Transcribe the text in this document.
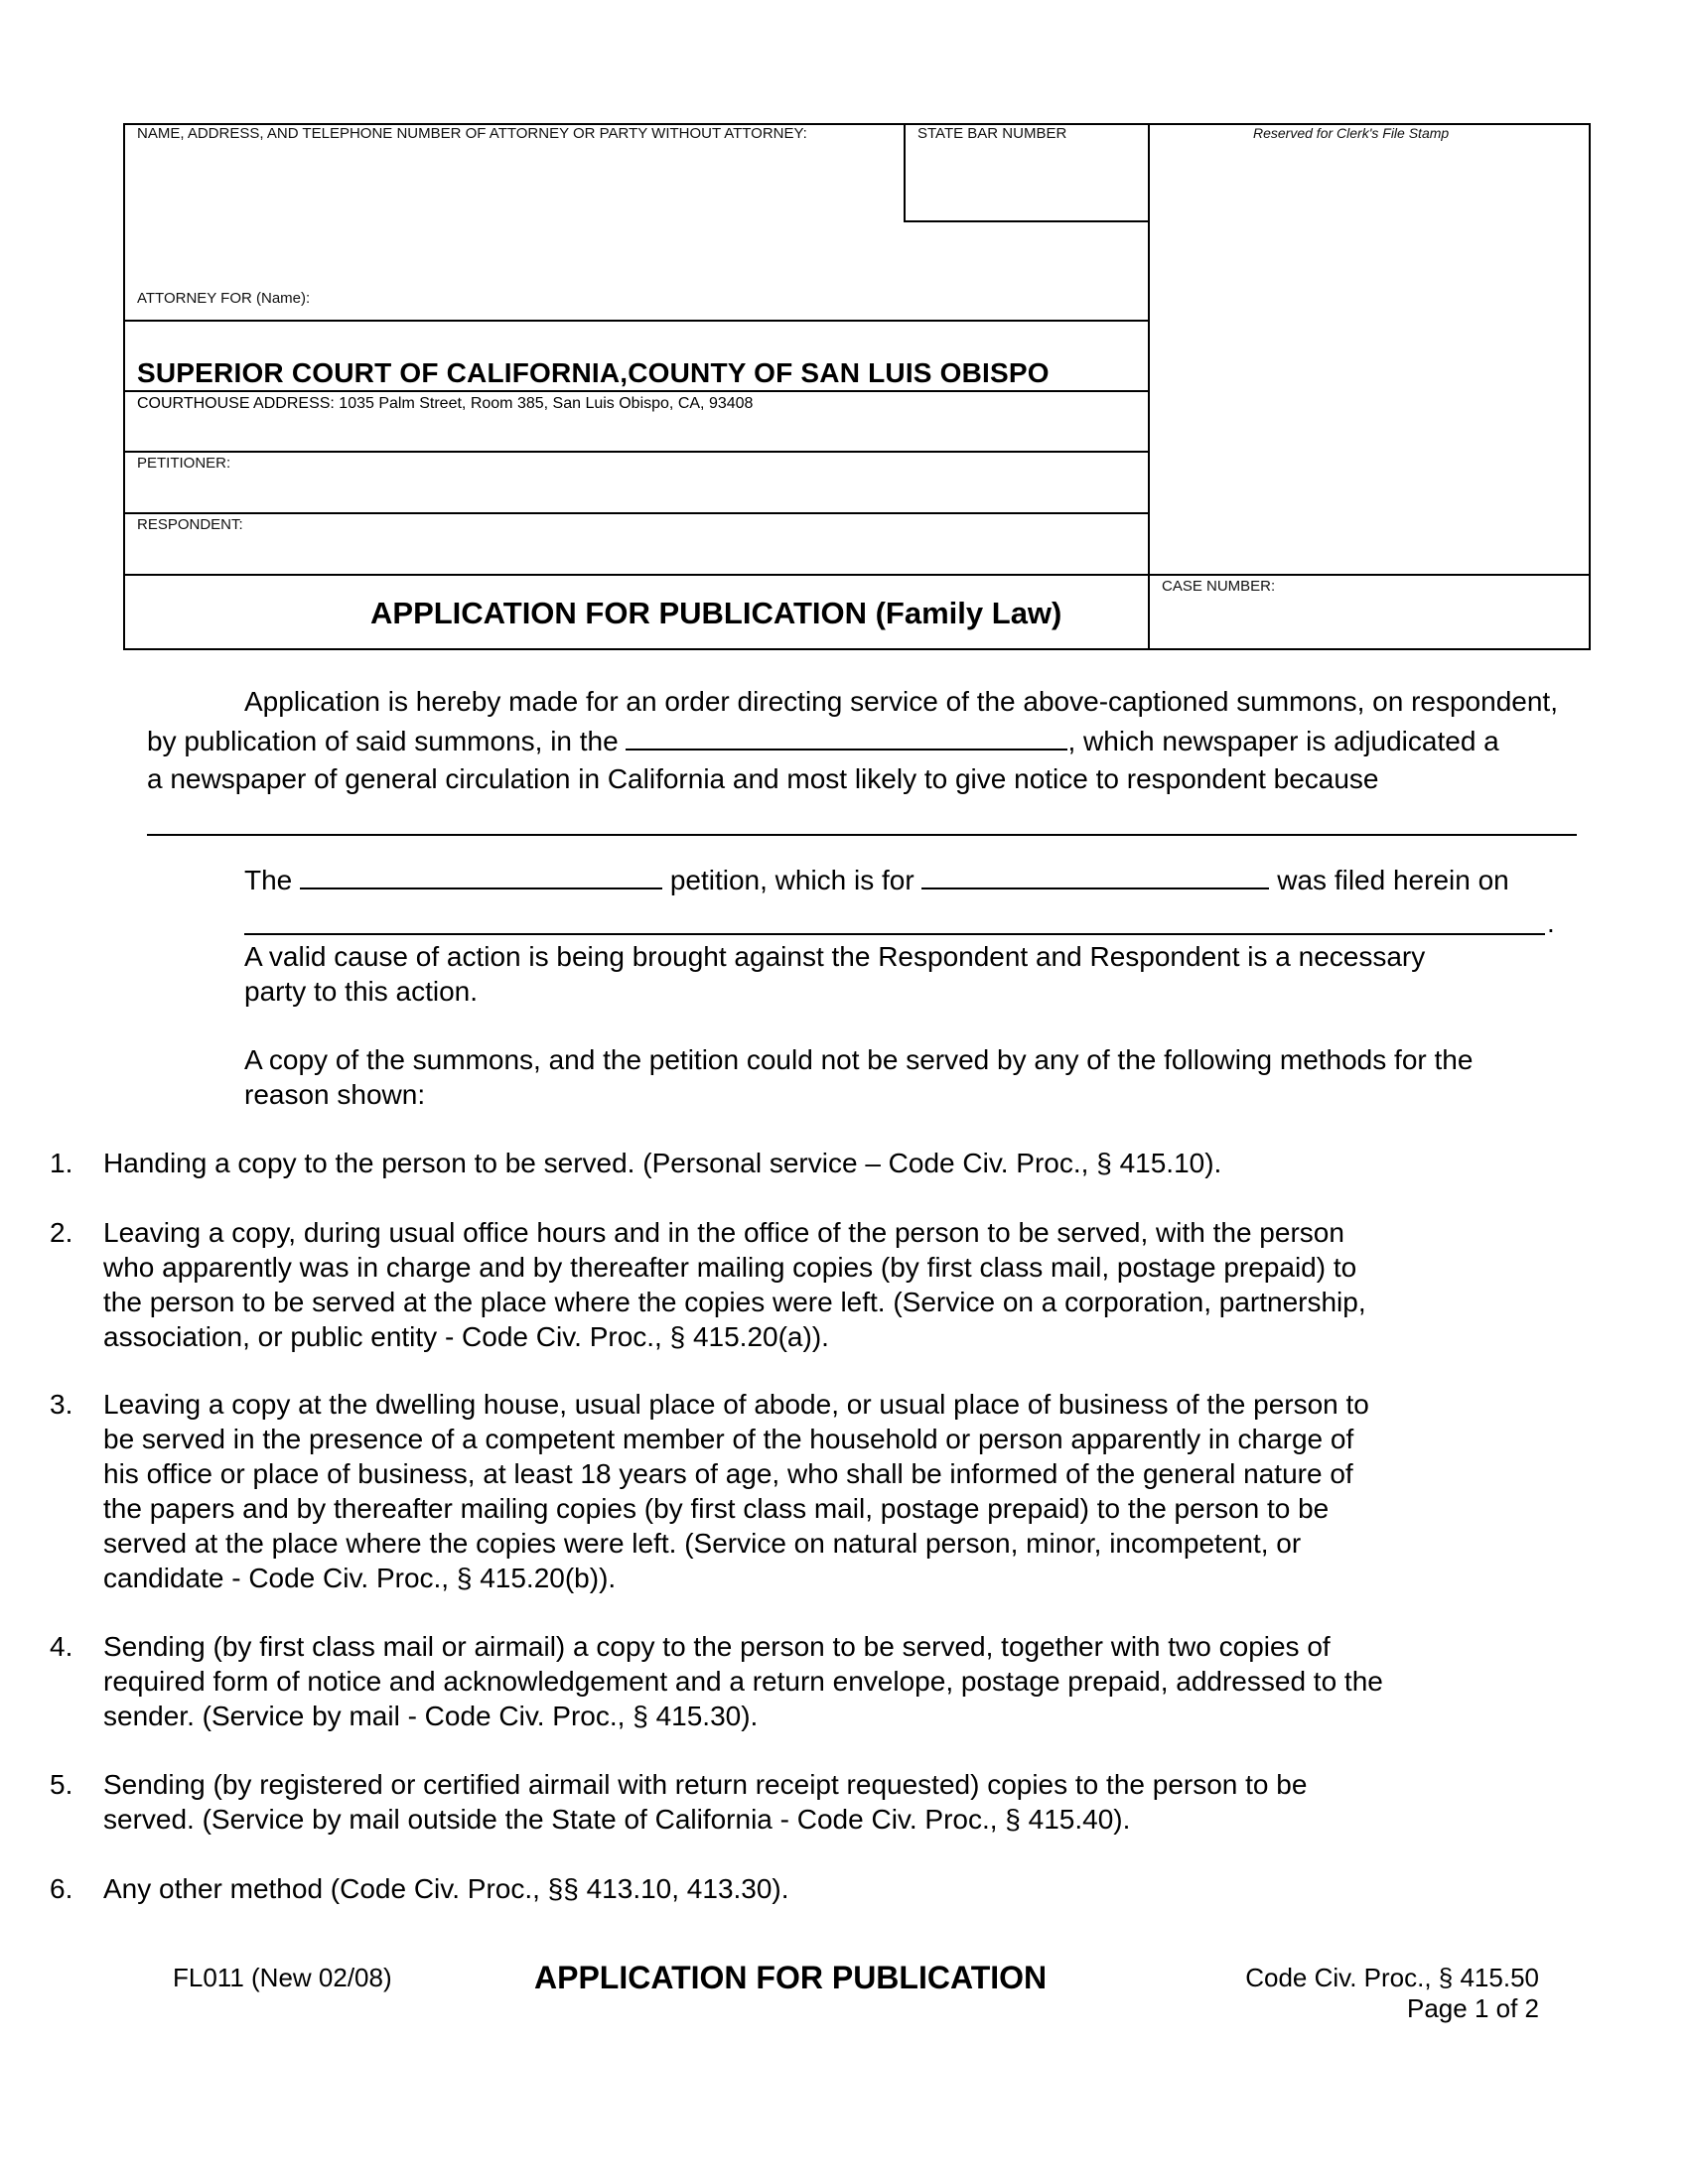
NAME, ADDRESS, AND TELEPHONE NUMBER OF ATTORNEY OR PARTY WITHOUT ATTORNEY:	STATE BAR NUMBER	Reserved for Clerk's File Stamp
ATTORNEY FOR (Name):
SUPERIOR COURT OF CALIFORNIA,COUNTY OF SAN LUIS OBISPO
COURTHOUSE ADDRESS: 1035 Palm Street, Room 385, San Luis Obispo, CA, 93408
PETITIONER:
RESPONDENT:
APPLICATION FOR PUBLICATION (Family Law)
CASE NUMBER:
Application is hereby made for an order directing service of the above-captioned summons, on respondent,
by publication of said summons, in the	, which newspaper is adjudicated a
a newspaper of general circulation in California and most likely to give notice to respondent because
The	petition, which is for	was filed herein on
.
A valid cause of action is being brought against the Respondent and Respondent is a necessary
party to this action.
A copy of the summons, and the petition could not be served by any of the following methods for the
reason shown:
1. Handing a copy to the person to be served. (Personal service – Code Civ. Proc., § 415.10).
2. Leaving a copy, during usual office hours and in the office of the person to be served, with the person
who apparently was in charge and by thereafter mailing copies (by first class mail, postage prepaid) to
the person to be served at the place where the copies were left. (Service on a corporation, partnership,
association, or public entity - Code Civ. Proc., § 415.20(a)).
3. Leaving a copy at the dwelling house, usual place of abode, or usual place of business of the person to
be served in the presence of a competent member of the household or person apparently in charge of
his office or place of business, at least 18 years of age, who shall be informed of the general nature of
the papers and by thereafter mailing copies (by first class mail, postage prepaid) to the person to be
served at the place where the copies were left. (Service on natural person, minor, incompetent, or
candidate - Code Civ. Proc., § 415.20(b)).
4. Sending (by first class mail or airmail) a copy to the person to be served, together with two copies of
required form of notice and acknowledgement and a return envelope, postage prepaid, addressed to the
sender. (Service by mail - Code Civ. Proc., § 415.30).
5. Sending (by registered or certified airmail with return receipt requested) copies to the person to be
served. (Service by mail outside the State of California - Code Civ. Proc., § 415.40).
6. Any other method (Code Civ. Proc., §§ 413.10, 413.30).
FL011 (New 02/08)	APPLICATION FOR PUBLICATION	Code Civ. Proc., § 415.50
Page 1 of 2
